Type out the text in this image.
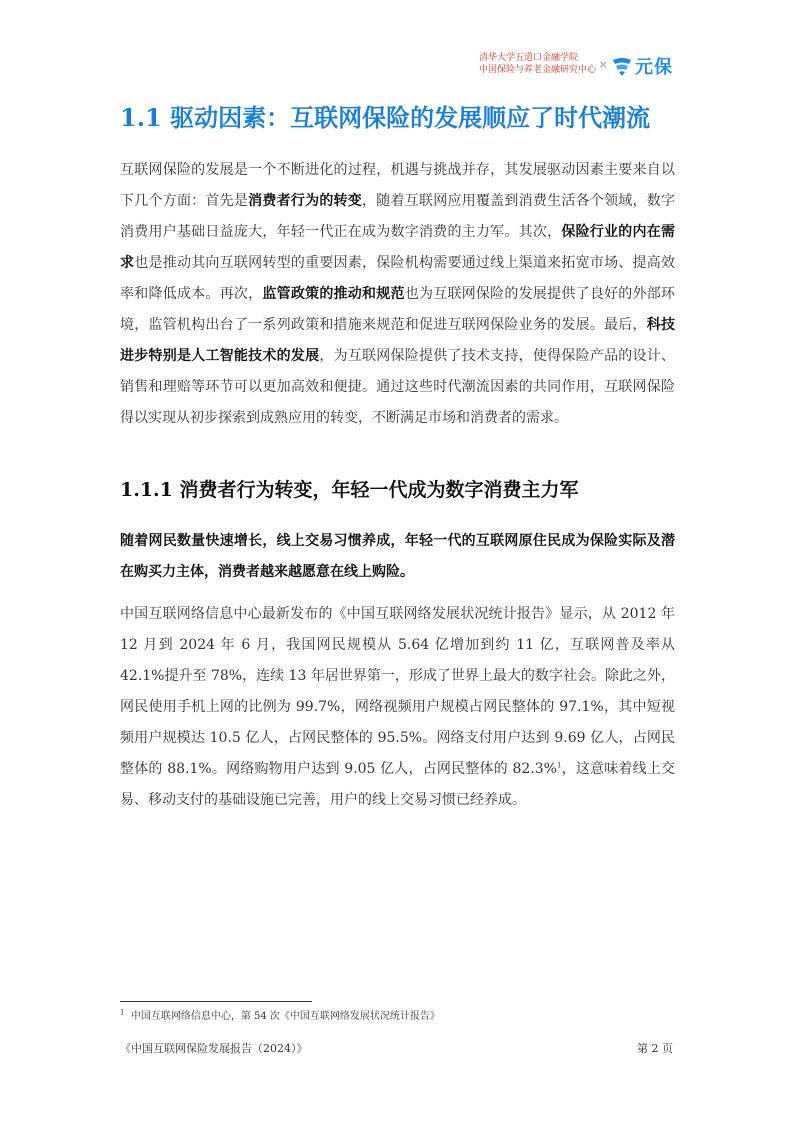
清华大学五道口金融学院
中国保险与养老金融研究中心 × 元保
1.1 驱动因素：互联网保险的发展顺应了时代潮流

互联网保险的发展是一个不断进化的过程，机遇与挑战并存，其发展驱动因素主要来自以下几个方面：首先是消费者行为的转变，随着互联网应用覆盖到消费生活各个领域，数字消费用户基础日益庞大，年轻一代正在成为数字消费的主力军。其次，保险行业的内在需求也是推动其向互联网转型的重要因素，保险机构需要通过线上渠道来拓宽市场、提高效率和降低成本。再次，监管政策的推动和规范也为互联网保险的发展提供了良好的外部环境，监管机构出台了一系列政策和措施来规范和促进互联网保险业务的发展。最后，科技进步特别是人工智能技术的发展，为互联网保险提供了技术支持，使得保险产品的设计、销售和理赔等环节可以更加高效和便捷。通过这些时代潮流因素的共同作用，互联网保险得以实现从初步探索到成熟应用的转变，不断满足市场和消费者的需求。

1.1.1 消费者行为转变，年轻一代成为数字消费主力军

随着网民数量快速增长，线上交易习惯养成，年轻一代的互联网原住民成为保险实际及潜在购买力主体，消费者越来越愿意在线上购险。

中国互联网络信息中心最新发布的《中国互联网络发展状况统计报告》显示，从 2012 年 12 月到 2024 年 6 月，我国网民规模从 5.64 亿增加到约 11 亿，互联网普及率从 42.1%提升至 78%，连续 13 年居世界第一，形成了世界上最大的数字社会。除此之外，网民使用手机上网的比例为 99.7%，网络视频用户规模占网民整体的 97.1%，其中短视频用户规模达 10.5 亿人，占网民整体的 95.5%。网络支付用户达到 9.69 亿人，占网民整体的 88.1%。网络购物用户达到 9.05 亿人，占网民整体的 82.3%$^1$，这意味着线上交易、移动支付的基础设施已完善，用户的线上交易习惯已经养成。

$^1$ 中国互联网络信息中心，第 54 次《中国互联网络发展状况统计报告》
《中国互联网保险发展报告（2024）》	第 2 页
